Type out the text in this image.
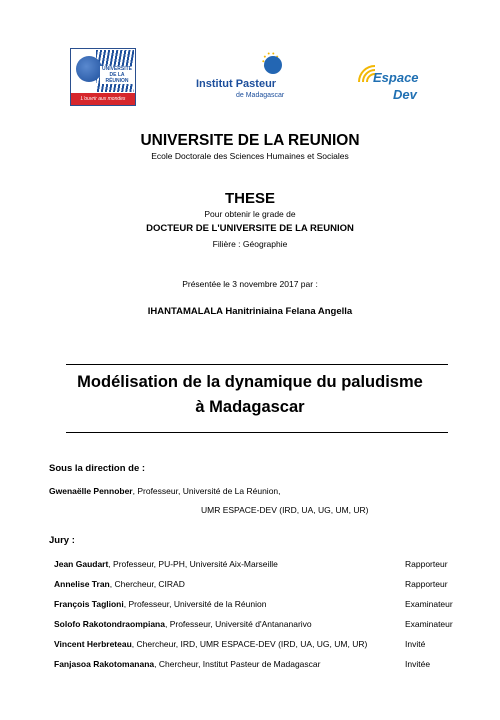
UNIVERSITÉ DE LA RÉUNION
L'ouvrir aux mondes
Institut Pasteur
de Madagascar
Espace
Dev
UNIVERSITE DE LA REUNION
Ecole Doctorale des Sciences Humaines et Sociales
THESE
Pour obtenir le grade de
DOCTEUR DE L'UNIVERSITE DE LA REUNION
Filière : Géographie
Présentée le 3 novembre 2017 par :
IHANTAMALALA Hanitriniaina Felana Angella
Modélisation de la dynamique du paludisme
à Madagascar
Sous la direction de :
Gwenaëlle Pennober, Professeur, Université de La Réunion,
UMR ESPACE-DEV (IRD, UA, UG, UM, UR)
Jury :
Jean Gaudart, Professeur, PU-PH, Université Aix-Marseille	Rapporteur
Annelise Tran, Chercheur, CIRAD	Rapporteur
François Taglioni, Professeur, Université de la Réunion	Examinateur
Solofo Rakotondraompiana, Professeur, Université d'Antananarivo	Examinateur
Vincent Herbreteau, Chercheur, IRD, UMR ESPACE-DEV (IRD, UA, UG, UM, UR)	Invité
Fanjasoa Rakotomanana, Chercheur, Institut Pasteur de Madagascar	Invitée
